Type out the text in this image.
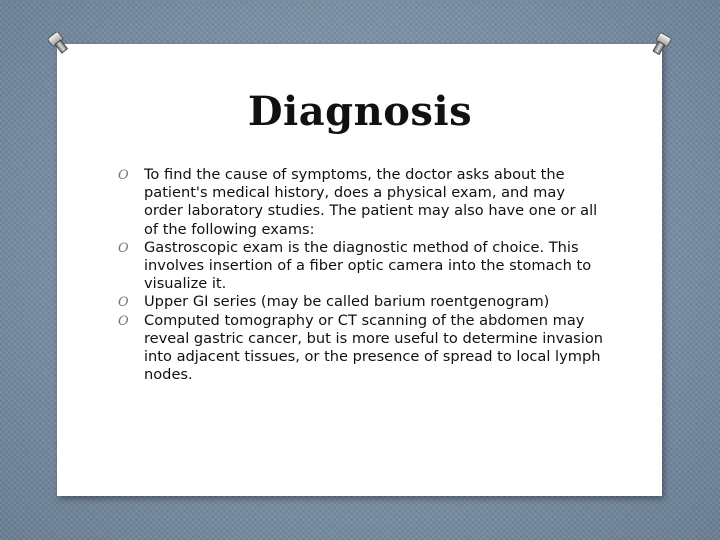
Diagnosis
O To find the cause of symptoms, the doctor asks about the patient's medical history, does a physical exam, and may order laboratory studies. The patient may also have one or all of the following exams:
O Gastroscopic exam is the diagnostic method of choice. This involves insertion of a fiber optic camera into the stomach to visualize it.
O Upper GI series (may be called barium roentgenogram)
O Computed tomography or CT scanning of the abdomen may reveal gastric cancer, but is more useful to determine invasion into adjacent tissues, or the presence of spread to local lymph nodes.
